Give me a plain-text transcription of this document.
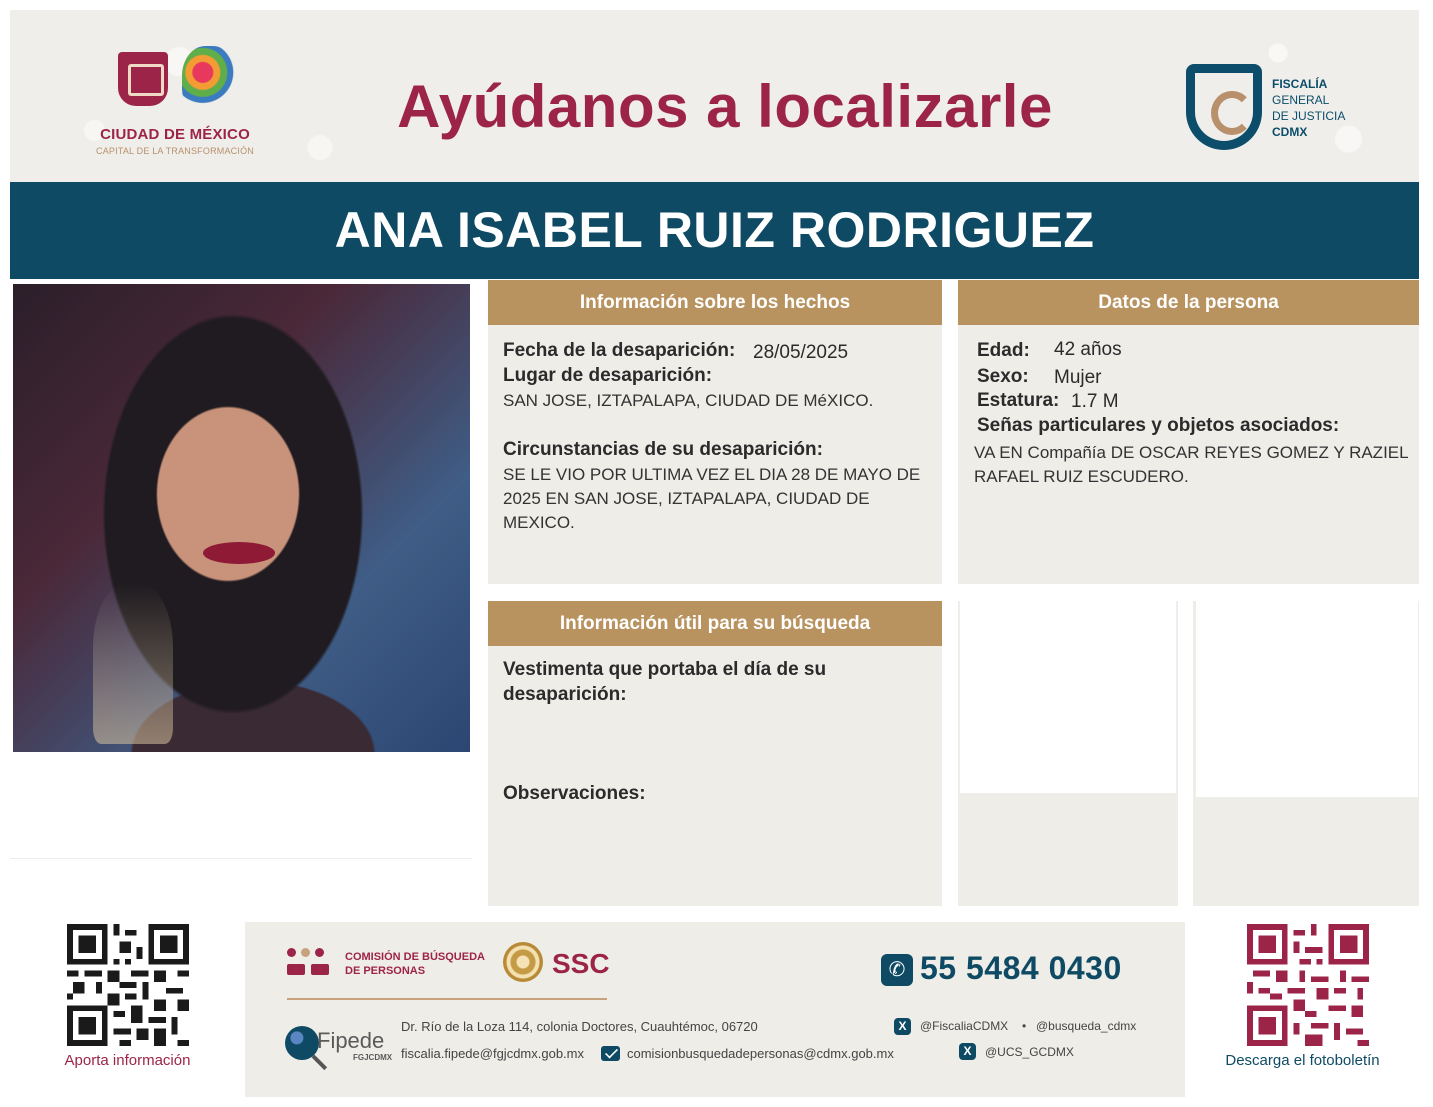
CIUDAD DE MÉXICO
CAPITAL DE LA TRANSFORMACIÓN
Ayúdanos a localizarle	FISCALÍA
GENERAL
DE JUSTICIA
CDMX
ANA ISABEL RUIZ RODRIGUEZ
Información sobre los hechos
Fecha de la desaparición: 28/05/2025
Lugar de desaparición:
SAN JOSE, IZTAPALAPA, CIUDAD DE MéXICO.
Circunstancias de su desaparición:
SE LE VIO POR ULTIMA VEZ EL DIA 28 DE MAYO DE 2025 EN SAN JOSE, IZTAPALAPA, CIUDAD DE MEXICO.
Datos de la persona
Edad: 42 años
Sexo: Mujer
Estatura: 1.7 M
Señas particulares y objetos asociados:
VA EN Compañía DE OSCAR REYES GOMEZ Y RAZIEL RAFAEL RUIZ ESCUDERO.
Información útil para su búsqueda
Vestimenta que portaba el día de su desaparición:
Observaciones:
Aporta información
COMISIÓN DE BÚSQUEDA
DE PERSONAS	SSC	✆ 55 5484 0430
Fipede
FGJCDMX
Dr. Río de la Loza 114, colonia Doctores, Cuauhtémoc, 06720
fiscalia.fipede@fgjcdmx.gob.mx	comisionbusquedadepersonas@cdmx.gob.mx
X	@FiscaliaCDMX • @busqueda_cdmx
X	@UCS_GCDMX	Descarga el fotoboletín
